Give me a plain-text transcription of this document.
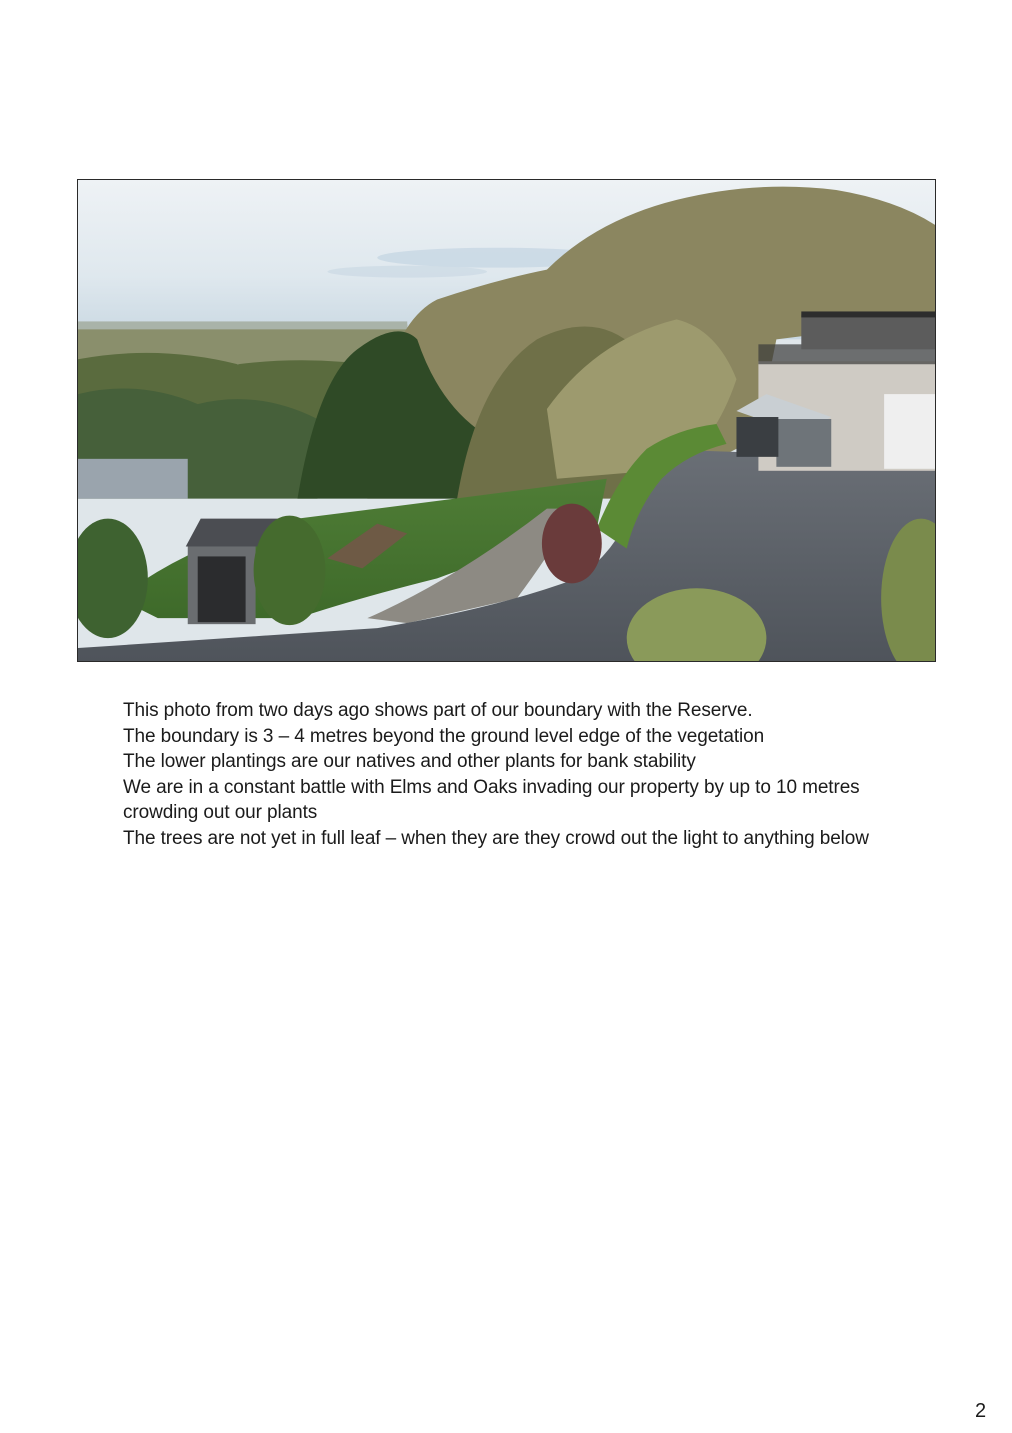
This photo from two days ago shows part of our boundary with the Reserve.

The boundary is 3 – 4 metres beyond the ground level edge of the vegetation

The lower plantings are our natives and other plants for bank stability

We are in a constant battle with Elms and Oaks invading our property by up to 10 metres crowding out our plants

The trees are not yet in full leaf – when they are they crowd out the light to anything below

2
